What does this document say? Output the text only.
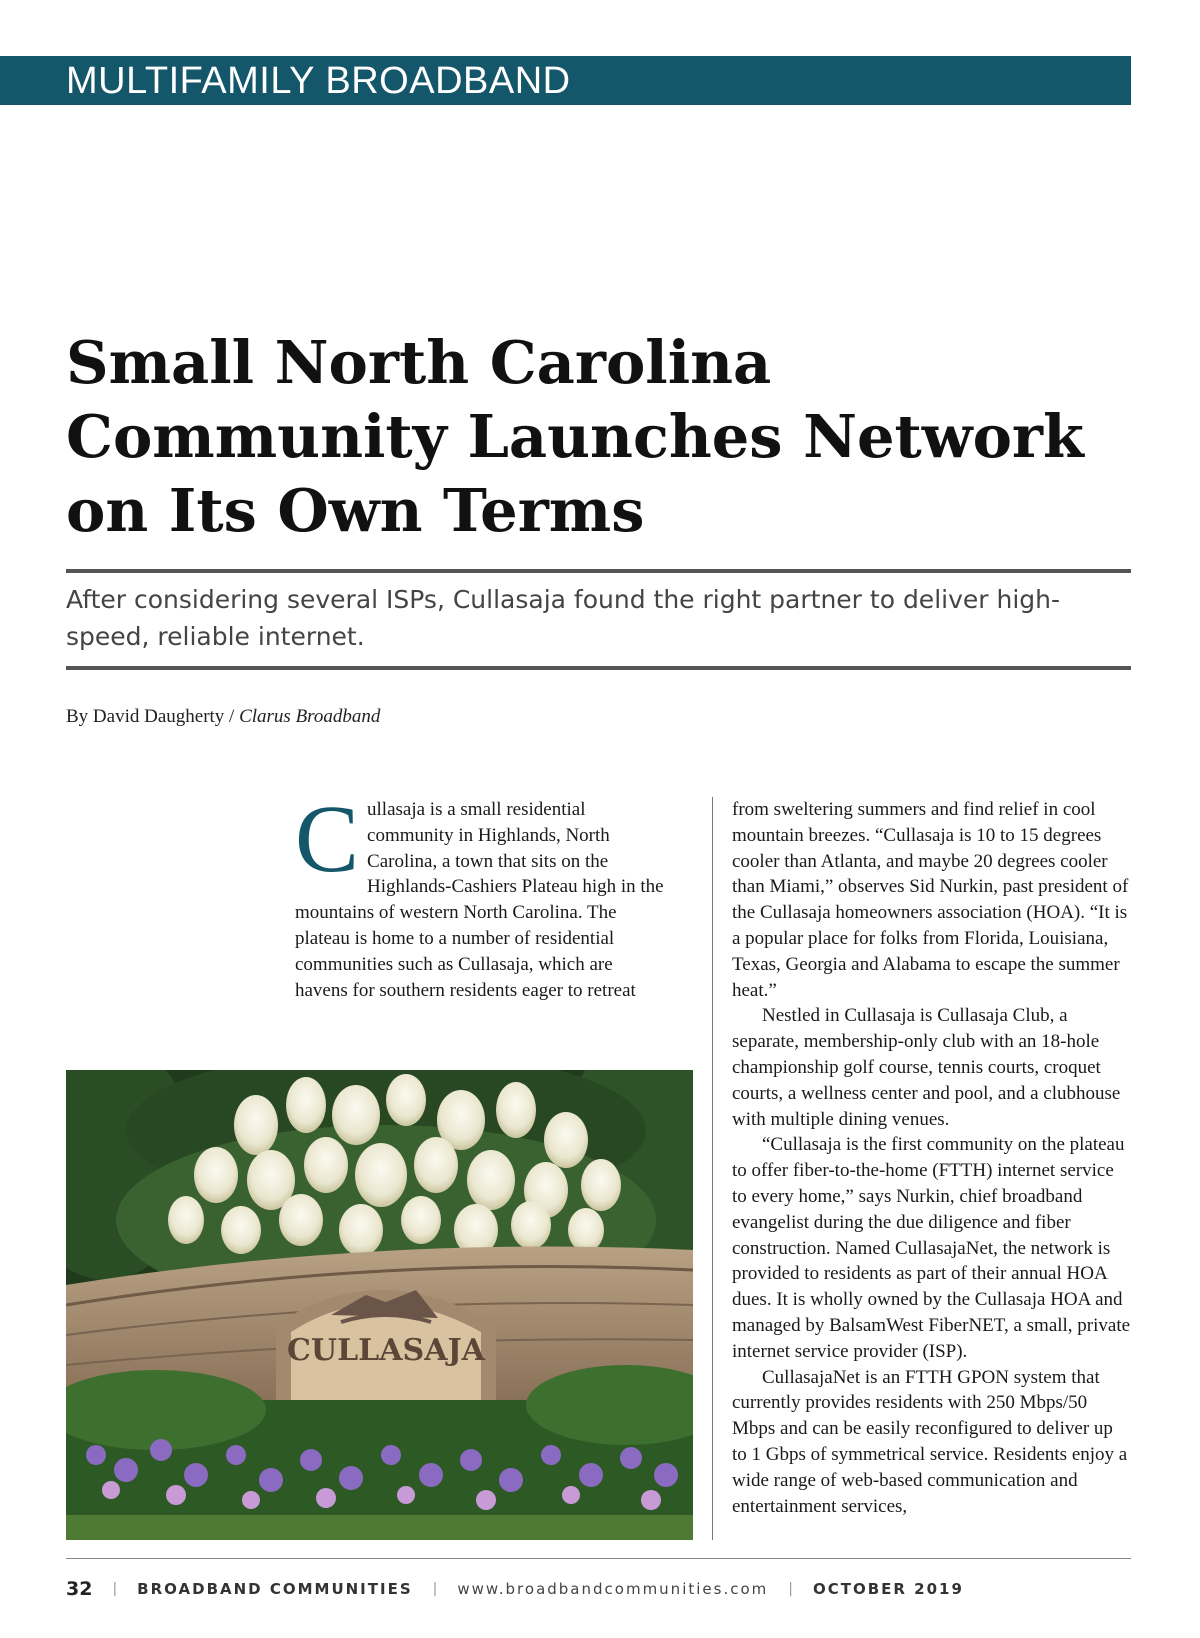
MULTIFAMILY BROADBAND
Small North Carolina Community Launches Network on Its Own Terms

After considering several ISPs, Cullasaja found the right partner to deliver high-speed, reliable internet.

By David Daugherty / Clarus Broadband

Cullasaja is a small residential community in Highlands, North Carolina, a town that sits on the Highlands-Cashiers Plateau high in the mountains of western North Carolina. The plateau is home to a number of residential communities such as Cullasaja, which are havens for southern residents eager to retreat

from sweltering summers and find relief in cool mountain breezes. “Cullasaja is 10 to 15 degrees cooler than Atlanta, and maybe 20 degrees cooler than Miami,” observes Sid Nurkin, past president of the Cullasaja homeowners association (HOA). “It is a popular place for folks from Florida, Louisiana, Texas, Georgia and Alabama to escape the summer heat.”

Nestled in Cullasaja is Cullasaja Club, a separate, membership-only club with an 18-hole championship golf course, tennis courts, croquet courts, a wellness center and pool, and a clubhouse with multiple dining venues.

“Cullasaja is the first community on the plateau to offer fiber-to-the-home (FTTH) internet service to every home,” says Nurkin, chief broadband evangelist during the due diligence and fiber construction. Named CullasajaNet, the network is provided to residents as part of their annual HOA dues. It is wholly owned by the Cullasaja HOA and managed by BalsamWest FiberNET, a small, private internet service provider (ISP).

CullasajaNet is an FTTH GPON system that currently provides residents with 250 Mbps/50 Mbps and can be easily reconfigured to deliver up to 1 Gbps of symmetrical service. Residents enjoy a wide range of web-based communication and entertainment services,

CULLASAJA
32 | BROADBAND COMMUNITIES | www.broadbandcommunities.com | OCTOBER 2019
